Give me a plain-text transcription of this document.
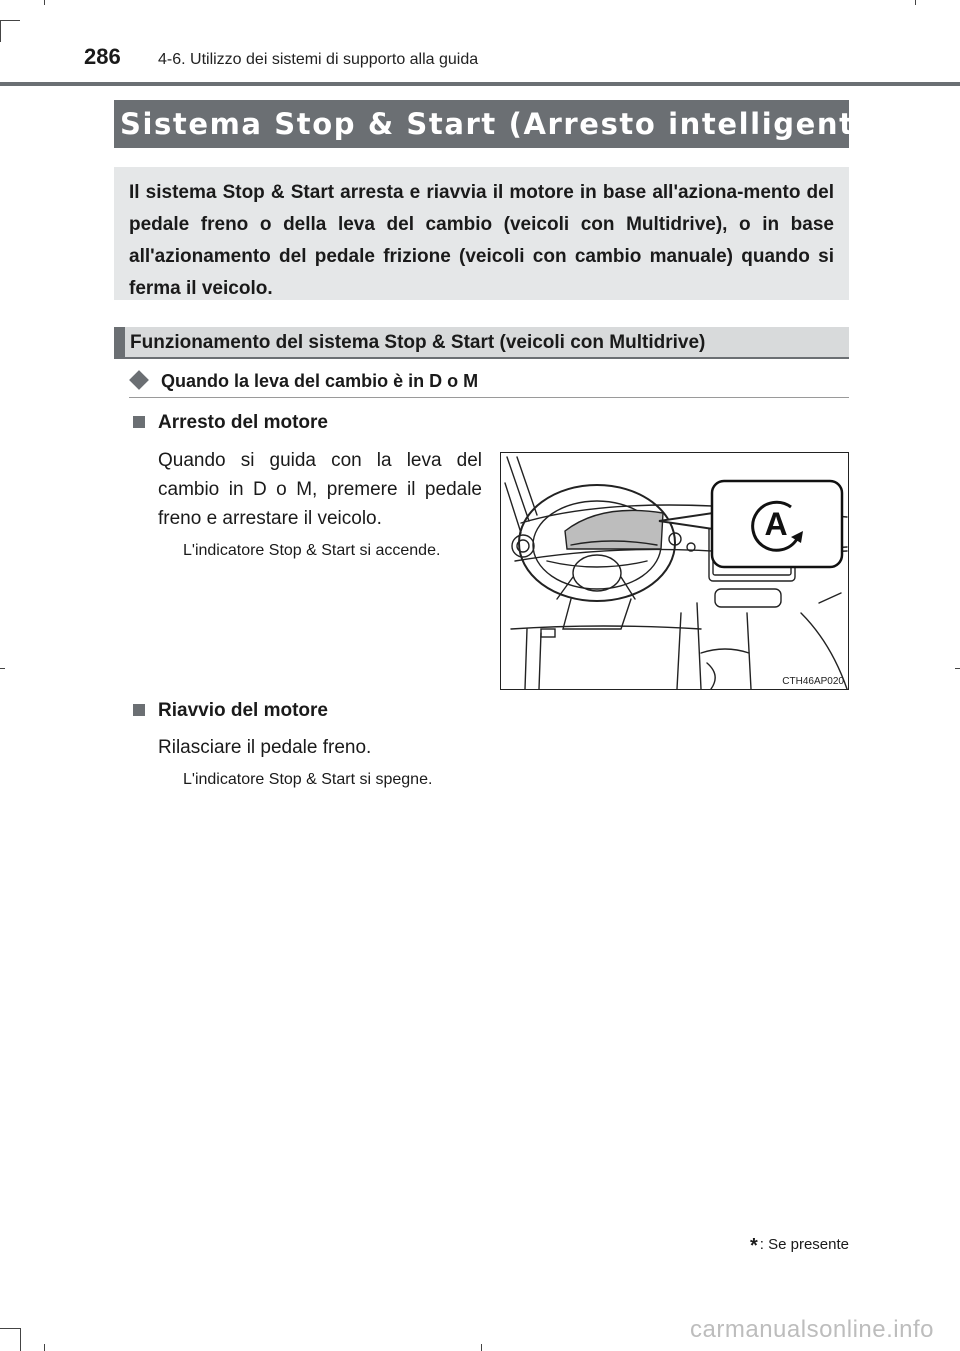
286 4-6. Utilizzo dei sistemi di supporto alla guida
Sistema Stop & Start (Arresto intelligente) *
Il sistema Stop & Start arresta e riavvia il motore in base all'aziona-mento del pedale freno o della leva del cambio (veicoli con Multidrive), o in base all'azionamento del pedale frizione (veicoli con cambio manuale) quando si ferma il veicolo.
Funzionamento del sistema Stop & Start (veicoli con Multidrive)
Quando la leva del cambio è in D o M
Arresto del motore
Quando si guida con la leva del cambio in D o M, premere il pedale freno e arrestare il veicolo.
L'indicatore Stop & Start si accende.
A
CTH46AP020
Riavvio del motore
Rilasciare il pedale freno.
L'indicatore Stop & Start si spegne.
* : Se presente
carmanualsonline.info
